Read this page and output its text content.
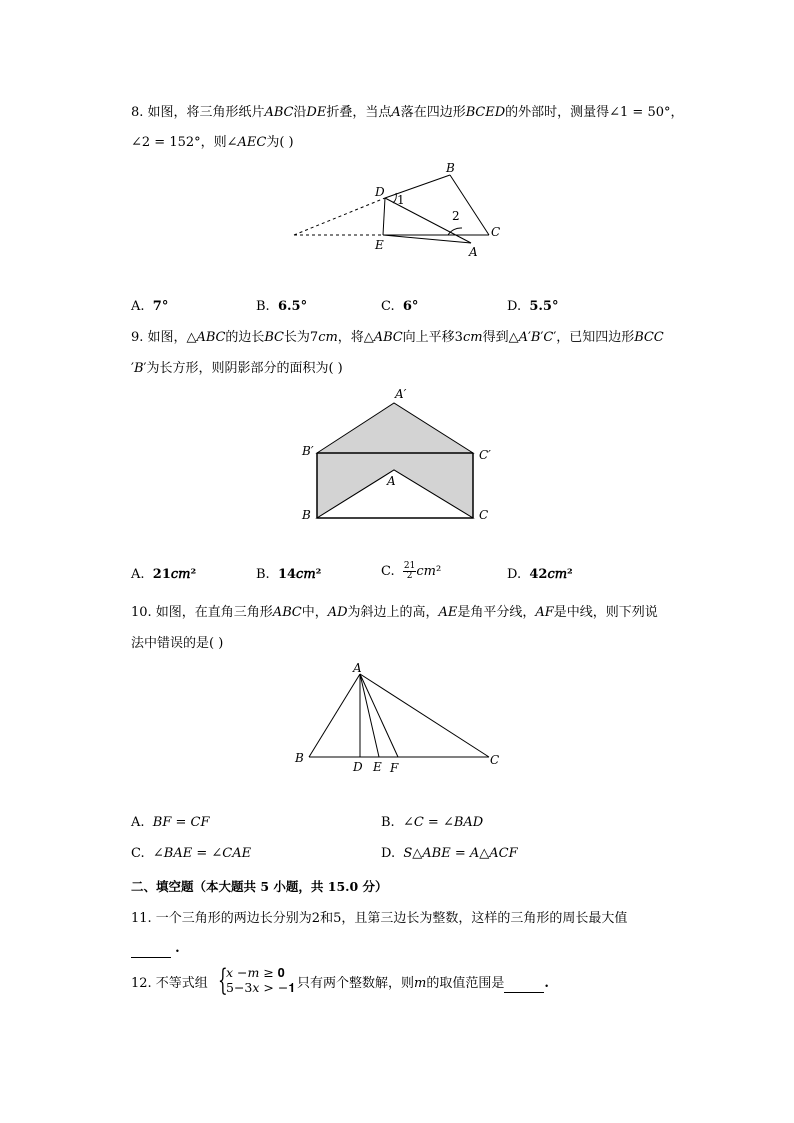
8. 如图，将三角形纸片𝐴𝐵𝐶沿𝐷𝐸折叠，当点𝐴落在四边形𝐵𝐶𝐸𝐷的外部时，测量得∠1 = 50°，
∠2 = 152°，则∠𝐴𝐸𝐶为( )
B
D
1
2
C
E	A
A. 7°	B. 6.5°	C. 6°	D. 5.5°
9. 如图，△𝐴𝐵𝐶的边长𝐵𝐶长为7𝑐𝑚，将△𝐴𝐵𝐶向上平移3𝑐𝑚得到△𝐴′𝐵′𝐶′，已知四边形𝐵𝐶𝐶
′𝐵′为长方形，则阴影部分的面积为( )
A′
B′	C′
A
B	C
A. 21𝑐𝑚²	B. 14𝑐𝑚²	C. $\frac{21}{2}$ 𝑐𝑚²	D. 42𝑐𝑚²
10. 如图，在直角三角形𝐴𝐵𝐶中，𝐴𝐷为斜边上的高，𝐴𝐸是角平分线，𝐴𝐹是中线，则下列说
法中错误的是( )
A
B
D E F
C
A. 𝐵𝐹 = 𝐶𝐹	B. ∠𝐶 = ∠𝐵𝐴𝐷
C. ∠𝐵𝐴𝐸 = ∠𝐶𝐴𝐸	D. 𝑆△𝐴𝐵𝐸 = 𝐴△𝐴𝐶𝐹
二、填空题（本大题共 5 小题，共 15.0 分）
11. 一个三角形的两边长分别为2和5，且第三边长为整数，这样的三角形的周长最大值
.
12. 不等式组 {
𝑥 −𝑚 ≥ 𝟎
5−3𝑥 > −𝟏 只有两个整数解，则𝑚的取值范围是	.
